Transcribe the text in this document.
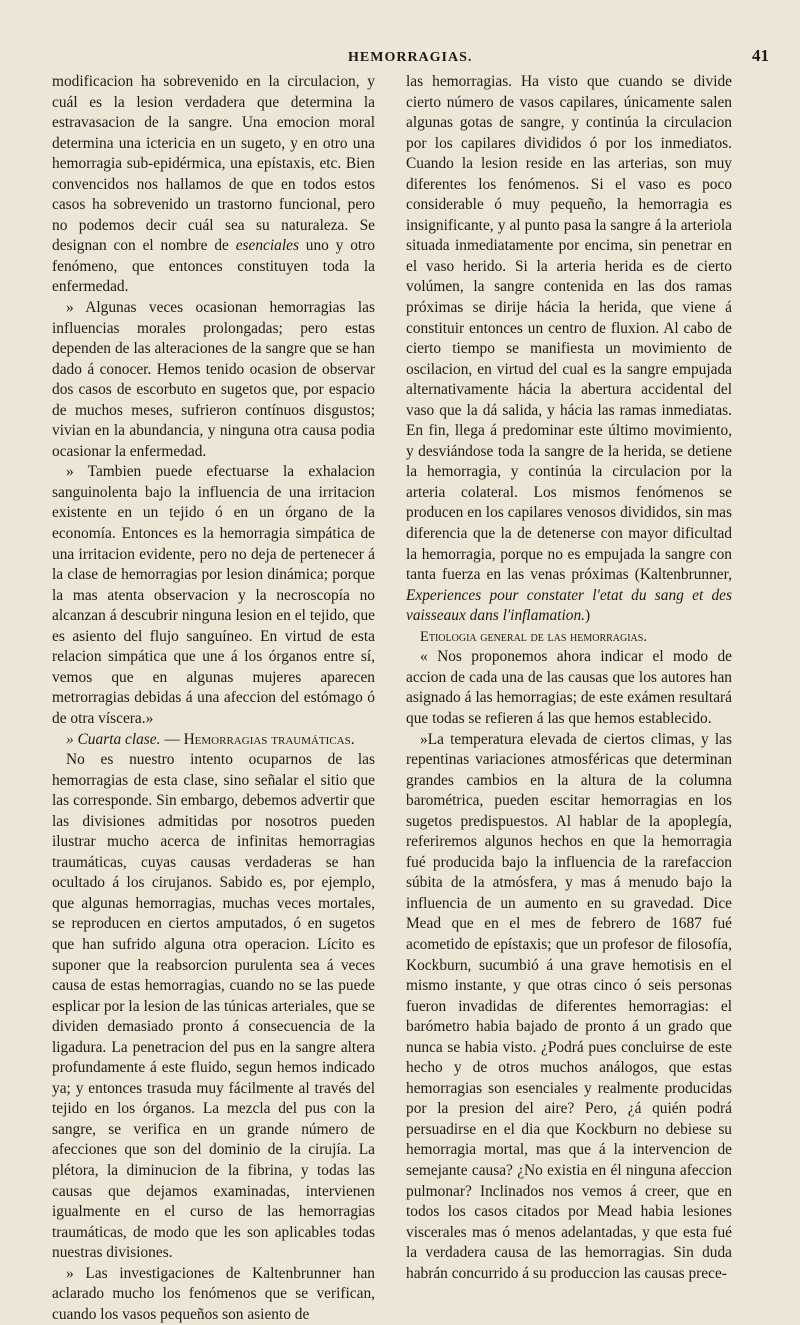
HEMORRAGIAS.	41

modificacion ha sobrevenido en la circulacion, y cuál es la lesion verdadera que determina la estravasacion de la sangre. Una emocion moral determina una ictericia en un sugeto, y en otro una hemorragia sub-epidérmica, una epístaxis, etc. Bien convencidos nos hallamos de que en todos estos casos ha sobrevenido un trastorno funcional, pero no podemos decir cuál sea su naturaleza. Se designan con el nombre de esenciales uno y otro fenómeno, que entonces constituyen toda la enfermedad.

» Algunas veces ocasionan hemorragias las influencias morales prolongadas; pero estas dependen de las alteraciones de la sangre que se han dado á conocer. Hemos tenido ocasion de observar dos casos de escorbuto en sugetos que, por espacio de muchos meses, sufrieron contínuos disgustos; vivian en la abundancia, y ninguna otra causa podia ocasionar la enfermedad.

» Tambien puede efectuarse la exhalacion sanguinolenta bajo la influencia de una irritacion existente en un tejido ó en un órgano de la economía. Entonces es la hemorragia simpática de una irritacion evidente, pero no deja de pertenecer á la clase de hemorragias por lesion dinámica; porque la mas atenta observacion y la necroscopía no alcanzan á descubrir ninguna lesion en el tejido, que es asiento del flujo sanguíneo. En virtud de esta relacion simpática que une á los órganos entre sí, vemos que en algunas mujeres aparecen metrorragias debidas á una afeccion del estómago ó de otra víscera.»

» Cuarta clase. — Hemorragias traumáticas.

No es nuestro intento ocuparnos de las hemorragias de esta clase, sino señalar el sitio que las corresponde. Sin embargo, debemos advertir que las divisiones admitidas por nosotros pueden ilustrar mucho acerca de infinitas hemorragias traumáticas, cuyas causas verdaderas se han ocultado á los cirujanos. Sabido es, por ejemplo, que algunas hemorragias, muchas veces mortales, se reproducen en ciertos amputados, ó en sugetos que han sufrido alguna otra operacion. Lícito es suponer que la reabsorcion purulenta sea á veces causa de estas hemorragias, cuando no se las puede esplicar por la lesion de las túnicas arteriales, que se dividen demasiado pronto á consecuencia de la ligadura. La penetracion del pus en la sangre altera profundamente á este fluido, segun hemos indicado ya; y entonces trasuda muy fácilmente al través del tejido en los órganos. La mezcla del pus con la sangre, se verifica en un grande número de afecciones que son del dominio de la cirujía. La plétora, la diminucion de la fibrina, y todas las causas que dejamos examinadas, intervienen igualmente en el curso de las hemorragias traumáticas, de modo que les son aplicables todas nuestras divisiones.

» Las investigaciones de Kaltenbrunner han aclarado mucho los fenómenos que se verifican, cuando los vasos pequeños son asiento de

las hemorragias. Ha visto que cuando se divide cierto número de vasos capilares, únicamente salen algunas gotas de sangre, y continúa la circulacion por los capilares divididos ó por los inmediatos. Cuando la lesion reside en las arterias, son muy diferentes los fenómenos. Si el vaso es poco considerable ó muy pequeño, la hemorragia es insignificante, y al punto pasa la sangre á la arteriola situada inmediatamente por encima, sin penetrar en el vaso herido. Si la arteria herida es de cierto volúmen, la sangre contenida en las dos ramas próximas se dirije hácia la herida, que viene á constituir entonces un centro de fluxion. Al cabo de cierto tiempo se manifiesta un movimiento de oscilacion, en virtud del cual es la sangre empujada alternativamente hácia la abertura accidental del vaso que la dá salida, y hácia las ramas inmediatas. En fin, llega á predominar este último movimiento, y desviándose toda la sangre de la herida, se detiene la hemorragia, y continúa la circulacion por la arteria colateral. Los mismos fenómenos se producen en los capilares venosos divididos, sin mas diferencia que la de detenerse con mayor dificultad la hemorragia, porque no es empujada la sangre con tanta fuerza en las venas próximas (Kaltenbrunner, Experiences pour constater l'etat du sang et des vaisseaux dans l'inflamation.)

Etiologia general de las hemorragias.

« Nos proponemos ahora indicar el modo de accion de cada una de las causas que los autores han asignado á las hemorragias; de este exámen resultará que todas se refieren á las que hemos establecido.

»La temperatura elevada de ciertos climas, y las repentinas variaciones atmosféricas que determinan grandes cambios en la altura de la columna barométrica, pueden escitar hemorragias en los sugetos predispuestos. Al hablar de la apoplegía, referiremos algunos hechos en que la hemorragia fué producida bajo la influencia de la rarefaccion súbita de la atmósfera, y mas á menudo bajo la influencia de un aumento en su gravedad. Dice Mead que en el mes de febrero de 1687 fué acometido de epístaxis; que un profesor de filosofía, Kockburn, sucumbió á una grave hemotisis en el mismo instante, y que otras cinco ó seis personas fueron invadidas de diferentes hemorragias: el barómetro habia bajado de pronto á un grado que nunca se habia visto. ¿Podrá pues concluirse de este hecho y de otros muchos análogos, que estas hemorragias son esenciales y realmente producidas por la presion del aire? Pero, ¿á quién podrá persuadirse en el dia que Kockburn no debiese su hemorragia mortal, mas que á la intervencion de semejante causa? ¿No existia en él ninguna afeccion pulmonar? Inclinados nos vemos á creer, que en todos los casos citados por Mead habia lesiones viscerales mas ó menos adelantadas, y que esta fué la verdadera causa de las hemorragias. Sin duda habrán concurrido á su produccion las causas prece-
